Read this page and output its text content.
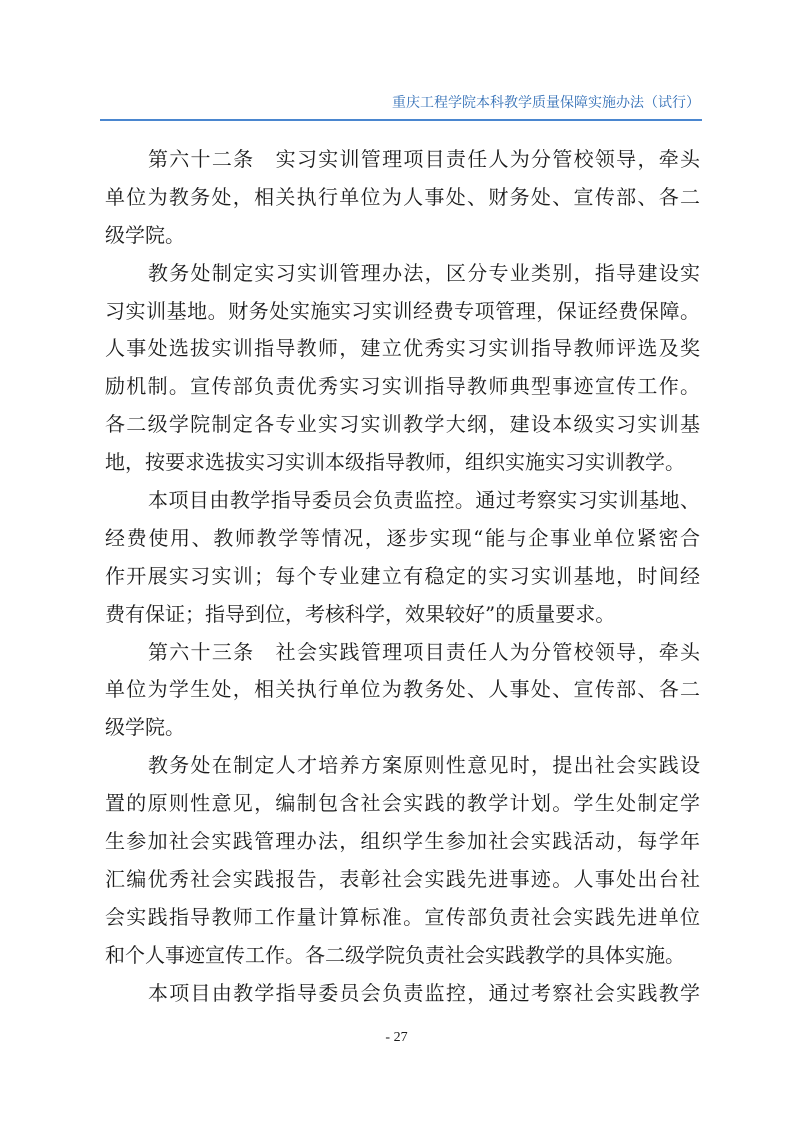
重庆工程学院本科教学质量保障实施办法（试行）
第六十二条　实习实训管理项目责任人为分管校领导，牵头
单位为教务处，相关执行单位为人事处、财务处、宣传部、各二
级学院。
教务处制定实习实训管理办法，区分专业类别，指导建设实
习实训基地。财务处实施实习实训经费专项管理，保证经费保障。
人事处选拔实训指导教师，建立优秀实习实训指导教师评选及奖
励机制。宣传部负责优秀实习实训指导教师典型事迹宣传工作。
各二级学院制定各专业实习实训教学大纲，建设本级实习实训基
地，按要求选拔实习实训本级指导教师，组织实施实习实训教学。
本项目由教学指导委员会负责监控。通过考察实习实训基地、
经费使用、教师教学等情况，逐步实现“能与企事业单位紧密合
作开展实习实训；每个专业建立有稳定的实习实训基地，时间经
费有保证；指导到位，考核科学，效果较好”的质量要求。
第六十三条　社会实践管理项目责任人为分管校领导，牵头
单位为学生处，相关执行单位为教务处、人事处、宣传部、各二
级学院。
教务处在制定人才培养方案原则性意见时，提出社会实践设
置的原则性意见，编制包含社会实践的教学计划。学生处制定学
生参加社会实践管理办法，组织学生参加社会实践活动，每学年
汇编优秀社会实践报告，表彰社会实践先进事迹。人事处出台社
会实践指导教师工作量计算标准。宣传部负责社会实践先进单位
和个人事迹宣传工作。各二级学院负责社会实践教学的具体实施。
本项目由教学指导委员会负责监控，通过考察社会实践教学
- 27
